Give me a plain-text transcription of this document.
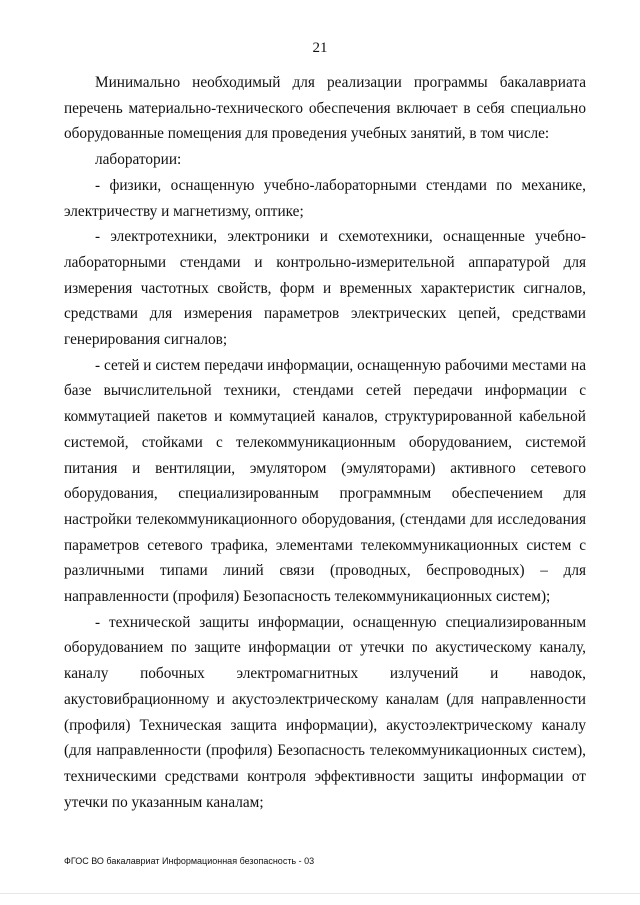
21

Минимально необходимый для реализации программы бакалавриата перечень материально-технического обеспечения включает в себя специально оборудованные помещения для проведения учебных занятий, в том числе:

лаборатории:

- физики, оснащенную учебно-лабораторными стендами по механике, электричеству и магнетизму, оптике;

- электротехники, электроники и схемотехники, оснащенные учебно-лабораторными стендами и контрольно-измерительной аппаратурой для измерения частотных свойств, форм и временных характеристик сигналов, средствами для измерения параметров электрических цепей, средствами генерирования сигналов;

- сетей и систем передачи информации, оснащенную рабочими местами на базе вычислительной техники, стендами сетей передачи информации с коммутацией пакетов и коммутацией каналов, структурированной кабельной системой, стойками с телекоммуникационным оборудованием, системой питания и вентиляции, эмулятором (эмуляторами) активного сетевого оборудования, специализированным программным обеспечением для настройки телекоммуникационного оборудования, (стендами для исследования параметров сетевого трафика, элементами телекоммуникационных систем с различными типами линий связи (проводных, беспроводных) – для направленности (профиля) Безопасность телекоммуникационных систем);

- технической защиты информации, оснащенную специализированным оборудованием по защите информации от утечки по акустическому каналу, каналу побочных электромагнитных излучений и наводок, акустовибрационному и акустоэлектрическому каналам (для направленности (профиля) Техническая защита информации), акустоэлектрическому каналу (для направленности (профиля) Безопасность телекоммуникационных систем), техническими средствами контроля эффективности защиты информации от утечки по указанным каналам;

ФГОС ВО бакалавриат Информационная безопасность - 03
